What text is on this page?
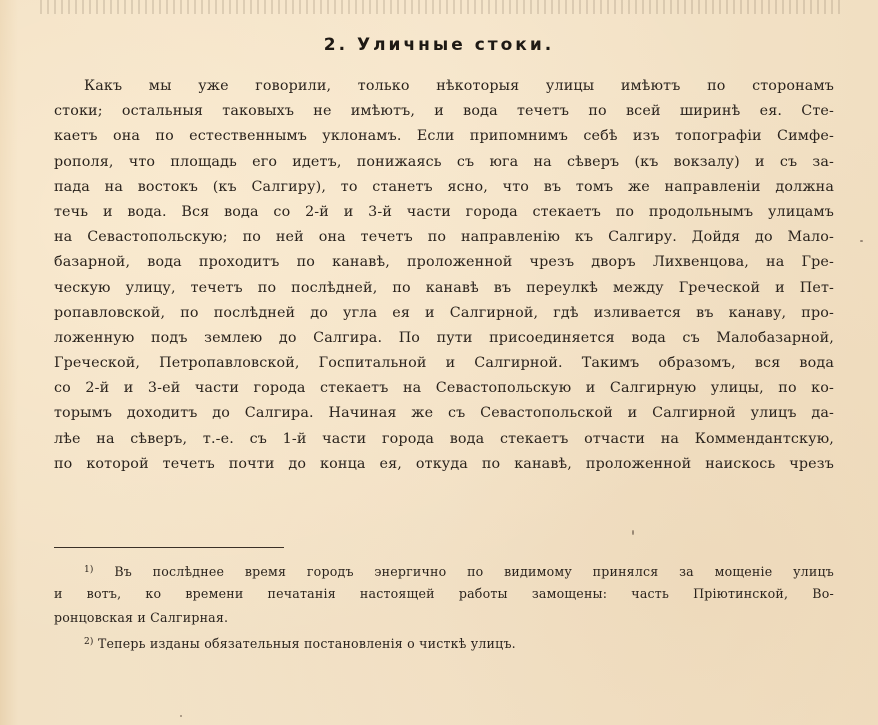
2. Уличные стоки.
Какъ мы уже говорили, только нѣкоторыя улицы имѣютъ по сторонамъ
стоки; остальныя таковыхъ не имѣютъ, и вода течетъ по всей ширинѣ ея. Сте-
каетъ она по естественнымъ уклонамъ. Если припомнимъ себѣ изъ топографіи Симфе-
рополя, что площадь его идетъ, понижаясь съ юга на сѣверъ (къ вокзалу) и съ за-
пада на востокъ (къ Салгиру), то станетъ ясно, что въ томъ же направленіи должна
течь и вода. Вся вода со 2-й и 3-й части города стекаетъ по продольнымъ улицамъ
на Севастопольскую; по ней она течетъ по направленію къ Салгиру. Дойдя до Мало-
базарной, вода проходитъ по канавѣ, проложенной чрезъ дворъ Лихвенцова, на Гре-
ческую улицу, течетъ по послѣдней, по канавѣ въ переулкѣ между Греческой и Пет-
ропавловской, по послѣдней до угла ея и Салгирной, гдѣ изливается въ канаву, про-
ложенную подъ землею до Салгира. По пути присоединяется вода съ Малобазарной,
Греческой, Петропавловской, Госпитальной и Салгирной. Такимъ образомъ, вся вода
со 2-й и 3-ей части города стекаетъ на Севастопольскую и Салгирную улицы, по ко-
торымъ доходитъ до Салгира. Начиная же съ Севастопольской и Салгирной улицъ да-
лѣе на сѣверъ, т.-е. съ 1-й части города вода стекаетъ отчасти на Коммендантскую,
по которой течетъ почти до конца ея, откуда по канавѣ, проложенной наискось чрезъ
$^{1)}$ Въ послѣднее время городъ энергично по видимому принялся за мощеніе улицъ
и вотъ, ко времени печатанія настоящей работы замощены: часть Пріютинской, Во-
ронцовская и Салгирная.
$^{2)}$ Теперь изданы обязательныя постановленія о чисткѣ улицъ.
